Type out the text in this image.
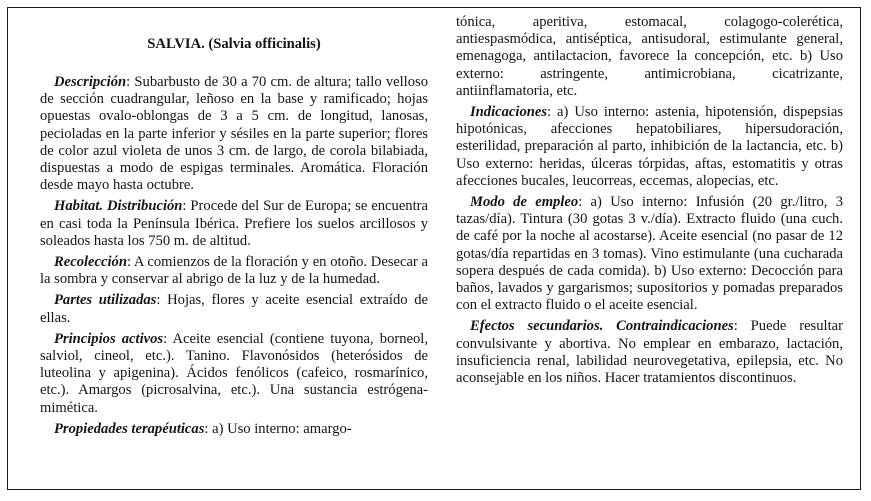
SALVIA. (Salvia officinalis)

Descripción: Subarbusto de 30 a 70 cm. de altura; tallo velloso de sección cuadrangular, leñoso en la base y ramificado; hojas opuestas ovalo-oblongas de 3 a 5 cm. de longitud, lanosas, pecioladas en la parte inferior y sésiles en la parte superior; flores de color azul violeta de unos 3 cm. de largo, de corola bilabiada, dispuestas a modo de espigas terminales. Aromática. Floración desde mayo hasta octubre.

Habitat. Distribución: Procede del Sur de Europa; se encuentra en casi toda la Península Ibérica. Prefiere los suelos arcillosos y soleados hasta los 750 m. de altitud.

Recolección: A comienzos de la floración y en otoño. Desecar a la sombra y conservar al abrigo de la luz y de la humedad.

Partes utilizadas: Hojas, flores y aceite esencial extraído de ellas.

Principios activos: Aceite esencial (contiene tuyona, borneol, salviol, cineol, etc.). Tanino. Flavonósidos (heterósidos de luteolina y apigenina). Ácidos fenólicos (cafeico, rosmarínico, etc.). Amargos (picrosalvina, etc.). Una sustancia estrógena-mimética.

Propiedades terapéuticas: a) Uso interno: amargo-

tónica, aperitiva, estomacal, colagogo-colerética, antiespasmódica, antiséptica, antisudoral, estimulante general, emenagoga, antilactacion, favorece la concepción, etc. b) Uso externo: astringente, antimicrobiana, cicatrizante, antiinflamatoria, etc.

Indicaciones: a) Uso interno: astenia, hipotensión, dispepsias hipotónicas, afecciones hepatobiliares, hipersudoración, esterilidad, preparación al parto, inhibición de la lactancia, etc. b) Uso externo: heridas, úlceras tórpidas, aftas, estomatitis y otras afecciones bucales, leucorreas, eccemas, alopecias, etc.

Modo de empleo: a) Uso interno: Infusión (20 gr./litro, 3 tazas/día). Tintura (30 gotas 3 v./día). Extracto fluido (una cuch. de café por la noche al acostarse). Aceite esencial (no pasar de 12 gotas/día repartidas en 3 tomas). Vino estimulante (una cucharada sopera después de cada comida). b) Uso externo: Decocción para baños, lavados y gargarismos; supositorios y pomadas preparados con el extracto fluido o el aceite esencial.

Efectos secundarios. Contraindicaciones: Puede resultar convulsivante y abortiva. No emplear en embarazo, lactación, insuficiencia renal, labilidad neurovegetativa, epilepsia, etc. No aconsejable en los niños. Hacer tratamientos discontinuos.
